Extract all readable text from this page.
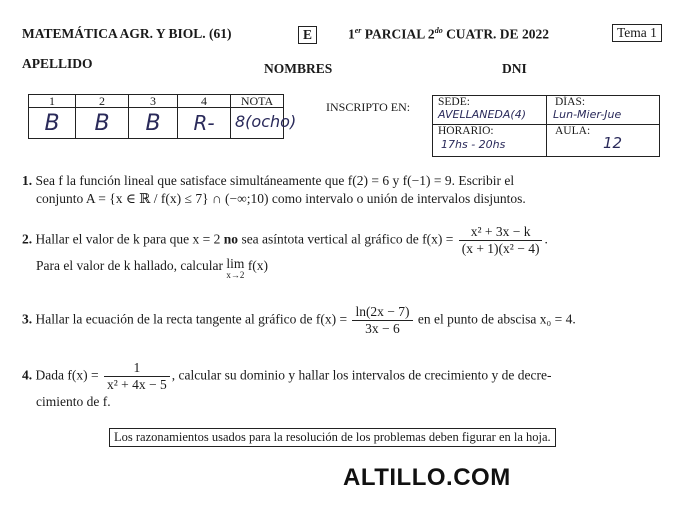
MATEMÁTICA AGR. Y BIOL. (61)	E	1er PARCIAL $2^{do}$ CUATR. DE 2022	Tema 1
APELLIDO	NOMBRES	DNI
1	2	3	4	NOTA
B	B	B	R-	8(ocho)
INSCRIPTO EN: SEDE:
AVELLANEDA(4)
DÍAS:
Lun-Mier-Jue
HORARIO:
17hs - 20hs
AULA:
12
1. Sea f la función lineal que satisface simultáneamente que f(2) = 6 y f(−1) = 9. Escribir el
conjunto A = {x ∈ ℝ / f(x) ≤ 7} ∩ (−∞;10) como intervalo o unión de intervalos disjuntos.
2. Hallar el valor de k para que x = 2 no sea asíntota vertical al gráfico de $f(x) = \frac{\text{x² + 3x − k}}{\text{(x + 1)(x² − 4)}}$ .
Para el valor de k hallado, calcular lim
x→2
f(x)
3. Hallar la ecuación de la recta tangente al gráfico de $f(x) = \frac{\ln(2x - 7)}{3x - 6}$ en el punto de abscisa x₀ = 4.
4. Dada $f(x) = \frac{1}{\text{x² + 4x − 5}}$ , calcular su dominio y hallar los intervalos de crecimiento y de decre-
cimiento de f.
Los razonamientos usados para la resolución de los problemas deben figurar en la hoja.
ALTILLO.COM
